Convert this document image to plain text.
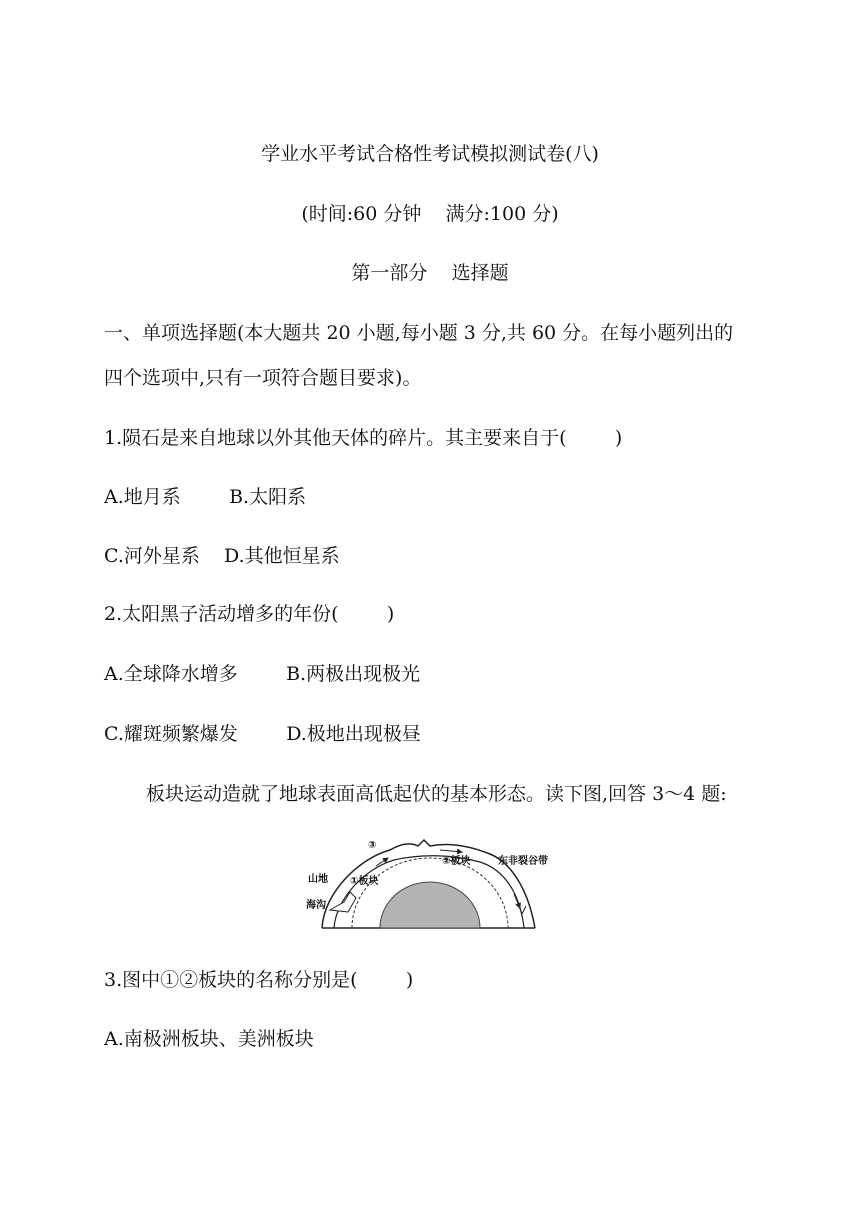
学业水平考试合格性考试模拟测试卷(八)
(时间:60 分钟    满分:100 分)
第一部分    选择题
一、单项选择题(本大题共 20 小题,每小题 3 分,共 60 分。在每小题列出的
四个选项中,只有一项符合题目要求)。
1.陨石是来自地球以外其他天体的碎片。其主要来自于(        )
A.地月系        B.太阳系
C.河外星系    D.其他恒星系
2.太阳黑子活动增多的年份(        )
A.全球降水增多        B.两极出现极光
C.耀斑频繁爆发        D.极地出现极昼
板块运动造就了地球表面高低起伏的基本形态。读下图,回答 3～4 题:
③
②板块	东非裂谷带
山地 ①板块
海沟
3.图中①②板块的名称分别是(        )
A.南极洲板块、美洲板块
